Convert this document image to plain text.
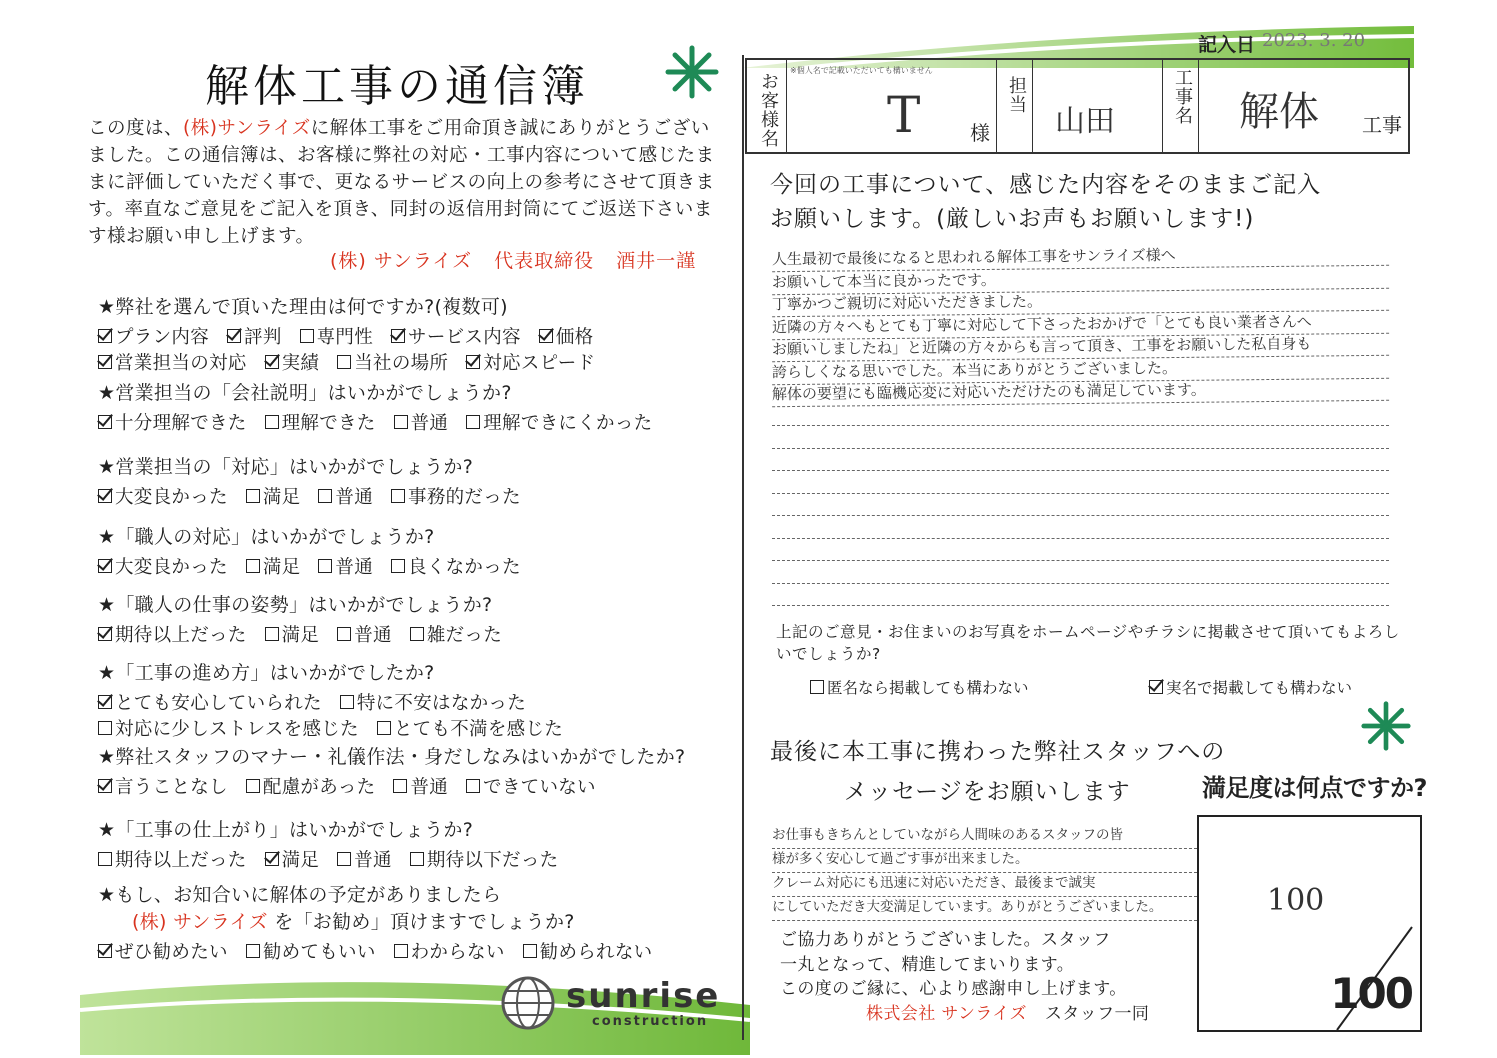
解体工事の通信簿

この度は、(株)サンライズに解体工事をご用命頂き誠にありがとうございました。この通信簿は、お客様に弊社の対応・工事内容について感じたままに評価していただく事で、更なるサービスの向上の参考にさせて頂きます。率直なご意見をご記入を頂き、同封の返信用封筒にてご返送下さいます様お願い申し上げます。

(株) サンライズ 代表取締役 酒井一謹
★弊社を選んで頂いた理由は何ですか?(複数可)
プラン内容 評判 専門性 サービス内容 価格
営業担当の対応 実績 当社の場所 対応スピード
★営業担当の「会社説明」はいかがでしょうか?
十分理解できた 理解できた 普通 理解できにくかった
★営業担当の「対応」はいかがでしょうか?
大変良かった 満足 普通 事務的だった
★「職人の対応」はいかがでしょうか?
大変良かった 満足 普通 良くなかった
★「職人の仕事の姿勢」はいかがでしょうか?
期待以上だった 満足 普通 雑だった
★「工事の進め方」はいかがでしたか?
とても安心していられた 特に不安はなかった
対応に少しストレスを感じた とても不満を感じた
★弊社スタッフのマナー・礼儀作法・身だしなみはいかがでしたか?
言うことなし 配慮があった 普通 できていない
★「工事の仕上がり」はいかがでしょうか?
期待以上だった 満足 普通 期待以下だった
★もし、お知合いに解体の予定がありましたら
(株) サンライズ を「お勧め」頂けますでしょうか?
ぜひ勧めたい 勧めてもいい わからない 勧められない
sunrise
construction
記入日 2023. 3. 20
お客様名
※個人名で記載いただいても構いません
T 様
担当
山田	工事名 解体 工事
今回の工事について、感じた内容をそのままご記入
お願いします。(厳しいお声もお願いします!)
人生最初で最後になると思われる解体工事をサンライズ様へ
お願いして本当に良かったです。
丁寧かつご親切に対応いただきました。
近隣の方々へもとても丁寧に対応して下さったおかげで「とても良い業者さんへ
お願いしましたね」と近隣の方々からも言って頂き、工事をお願いした私自身も
誇らしくなる思いでした。本当にありがとうございました。
解体の要望にも臨機応変に対応いただけたのも満足しています。
上記のご意見・お住まいのお写真をホームページやチラシに掲載させて頂いてもよろしいでしょうか?
匿名なら掲載しても構わない	実名で掲載しても構わない
最後に本工事に携わった弊社スタッフへの
メッセージをお願いします	満足度は何点ですか?
お仕事もきちんとしていながら人間味のあるスタッフの皆
様が多く安心して過ごす事が出来ました。
クレーム対応にも迅速に対応いただき、最後まで誠実
にしていただき大変満足しています。ありがとうございました。	100
100
ご協力ありがとうございました。スタッフ
一丸となって、精進してまいります。
この度のご縁に、心より感謝申し上げます。
株式会社 サンライズ スタッフ一同
